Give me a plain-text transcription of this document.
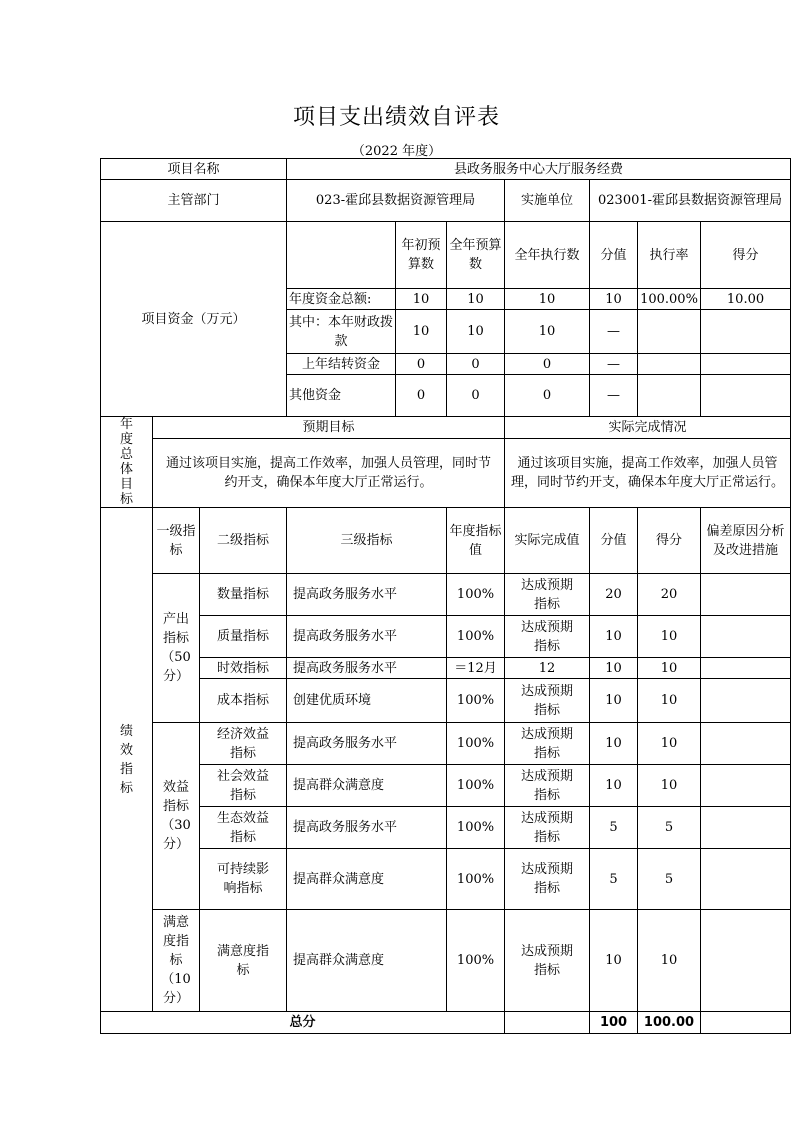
项目支出绩效自评表
（2022 年度）
项目名称			县政务服务中心大厅服务经费						
主管部门			023-霍邱县数据资源管理局			实施单位	023001-霍邱县数据资源管理局		
项目资金（万元）				年初预算数	全年预算数	全年执行数	分值	执行率	得分
			年度资金总额:	10	10	10	10	100.00%	10.00
			其中：本年财政拨款	10	10	10	—		
			上年结转资金	0	0	0	—		
			其他资金	0	0	0	—		
年度总体目标	预期目标					实际完成情况			
	通过该项目实施，提高工作效率，加强人员管理，同时节约开支，确保本年度大厅正常运行。					通过该项目实施，提高工作效率，加强人员管理，同时节约开支，确保本年度大厅正常运行。			
绩效指标	一级指标	二级指标	三级指标		年度指标值	实际完成值	分值	得分	偏差原因分析及改进措施
	产出指标（50分）	数量指标	提高政务服务水平		100%	达成预期指标	20	20	
		质量指标	提高政务服务水平		100%	达成预期指标	10	10	
		时效指标	提高政务服务水平		＝12月	12	10	10	
		成本指标	创建优质环境		100%	达成预期指标	10	10	
	效益指标（30分）	经济效益指标	提高政务服务水平		100%	达成预期指标	10	10	
		社会效益指标	提高群众满意度		100%	达成预期指标	10	10	
		生态效益指标	提高政务服务水平		100%	达成预期指标	5	5	
		可持续影响指标	提高群众满意度		100%	达成预期指标	5	5	
	满意度指标（10分）	满意度指标	提高群众满意度		100%	达成预期指标	10	10	
总分							100	100.00	
